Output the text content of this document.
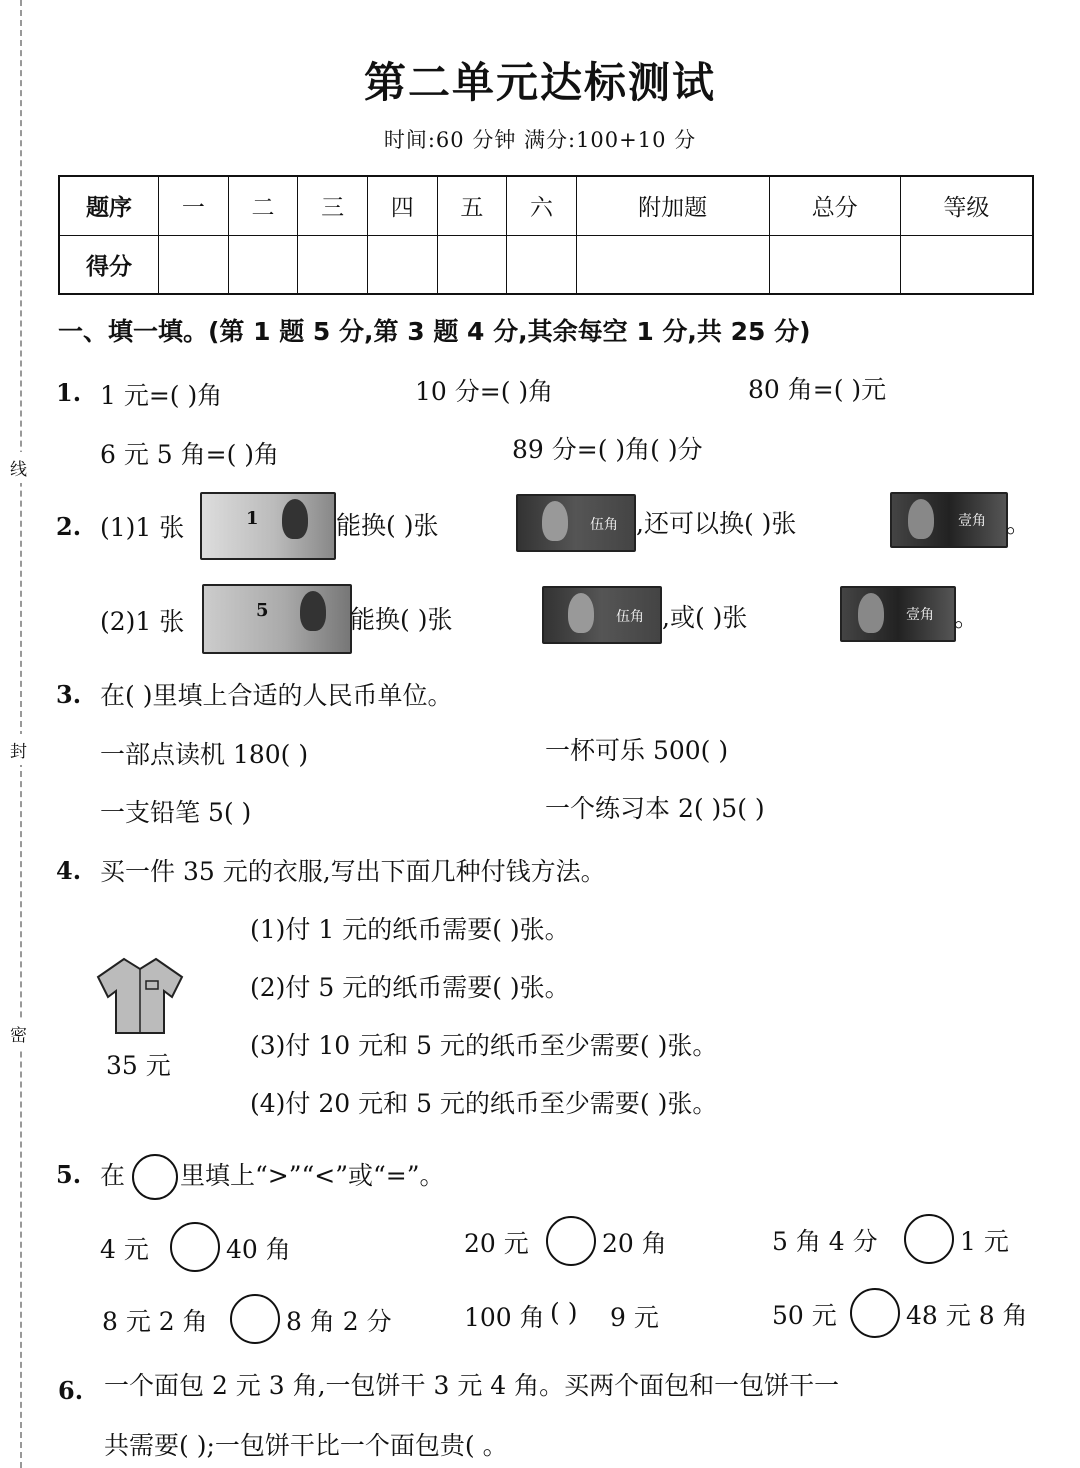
线
封
密
第二单元达标测试
时间:60 分钟 满分:100+10 分
题序	一	二	三	四	五	六	附加题	总分	等级
得分									
一、填一填。(第 1 题 5 分,第 3 题 4 分,其余每空 1 分,共 25 分)
1. 1 元=( )角	10 分=( )角	80 角=( )元
6 元 5 角=( )角	89 分=( )角( )分
2. (1)1 张	1	能换( )张	伍角 ,还可以换( )张	壹角 。
(2)1 张	5	能换( )张	伍角 ,或( )张	壹角 。
3. 在( )里填上合适的人民币单位。
一部点读机 180( )	一杯可乐 500( )
一支铅笔 5( )	一个练习本 2( )5( )
4. 买一件 35 元的衣服,写出下面几种付钱方法。
35 元
(1)付 1 元的纸币需要( )张。
(2)付 5 元的纸币需要( )张。
(3)付 10 元和 5 元的纸币至少需要( )张。
(4)付 20 元和 5 元的纸币至少需要( )张。
5. 在 里填上“>”“<”或“=”。
4 元	40 角	20 元	20 角	5 角 4 分	1 元
8 元 2 角	8 角 2 分	100 角 ( ) 9 元	50 元	48 元 8 角
6. 一个面包 2 元 3 角,一包饼干 3 元 4 角。买两个面包和一包饼干一
共需要( );一包饼干比一个面包贵( 。
